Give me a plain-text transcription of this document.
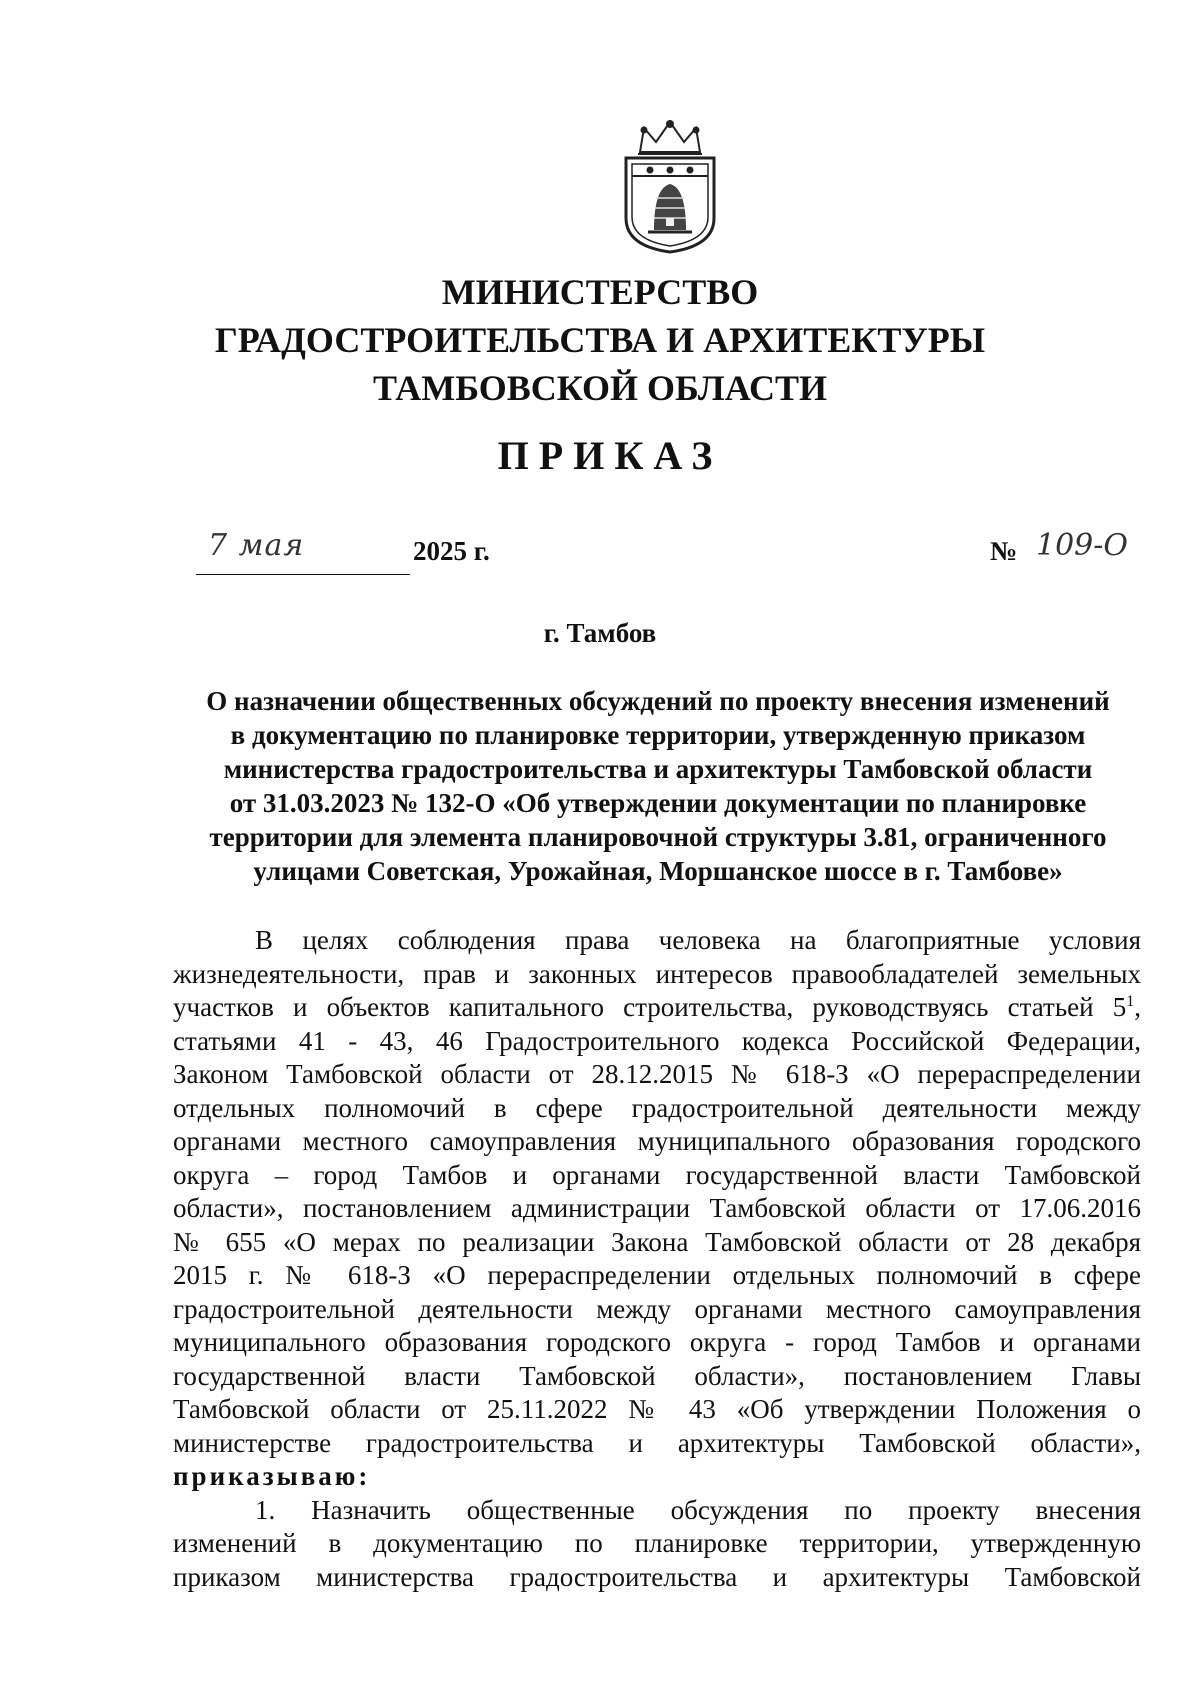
МИНИСТЕРСТВО
ГРАДОСТРОИТЕЛЬСТВА И АРХИТЕКТУРЫ
ТАМБОВСКОЙ ОБЛАСТИ
ПРИКАЗ
7 мая	2025 г.	№ 109-О
г. Тамбов
О назначении общественных обсуждений по проекту внесения изменений
в документацию по планировке территории, утвержденную приказом
министерства градостроительства и архитектуры Тамбовской области
от 31.03.2023 № 132-О «Об утверждении документации по планировке
территории для элемента планировочной структуры 3.81, ограниченного
улицами Советская, Урожайная, Моршанское шоссе в г. Тамбове»
В целях соблюдения права человека на благоприятные условия
жизнедеятельности, прав и законных интересов правообладателей земельных
участков и объектов капитального строительства, руководствуясь статьей $5^1$,
статьями 41 - 43, 46 Градостроительного кодекса Российской Федерации,
Законом Тамбовской области от 28.12.2015 № 618-З «О перераспределении
отдельных полномочий в сфере градостроительной деятельности между
органами местного самоуправления муниципального образования городского
округа – город Тамбов и органами государственной власти Тамбовской
области», постановлением администрации Тамбовской области от 17.06.2016
№ 655 «О мерах по реализации Закона Тамбовской области от 28 декабря
2015 г. № 618-З «О перераспределении отдельных полномочий в сфере
градостроительной деятельности между органами местного самоуправления
муниципального образования городского округа - город Тамбов и органами
государственной власти Тамбовской области», постановлением Главы
Тамбовской области от 25.11.2022 № 43 «Об утверждении Положения о
министерстве градостроительства и архитектуры Тамбовской области»,
приказываю:
1. Назначить общественные обсуждения по проекту внесения
изменений в документацию по планировке территории, утвержденную
приказом министерства градостроительства и архитектуры Тамбовской
